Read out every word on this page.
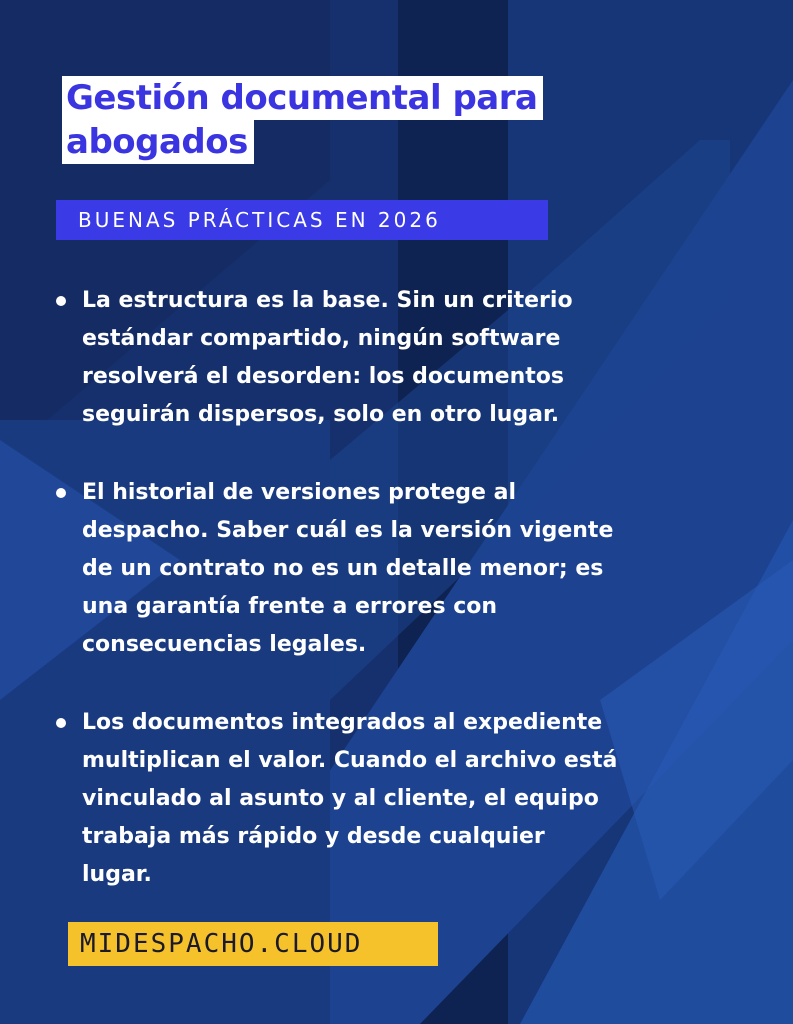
Gestión documental para
abogados
BUENAS PRÁCTICAS EN 2026
La estructura es la base. Sin un criterio
estándar compartido, ningún software
resolverá el desorden: los documentos
seguirán dispersos, solo en otro lugar.
El historial de versiones protege al
despacho. Saber cuál es la versión vigente
de un contrato no es un detalle menor; es
una garantía frente a errores con
consecuencias legales.
Los documentos integrados al expediente
multiplican el valor. Cuando el archivo está
vinculado al asunto y al cliente, el equipo
trabaja más rápido y desde cualquier
lugar.
MIDESPACHO.CLOUD
